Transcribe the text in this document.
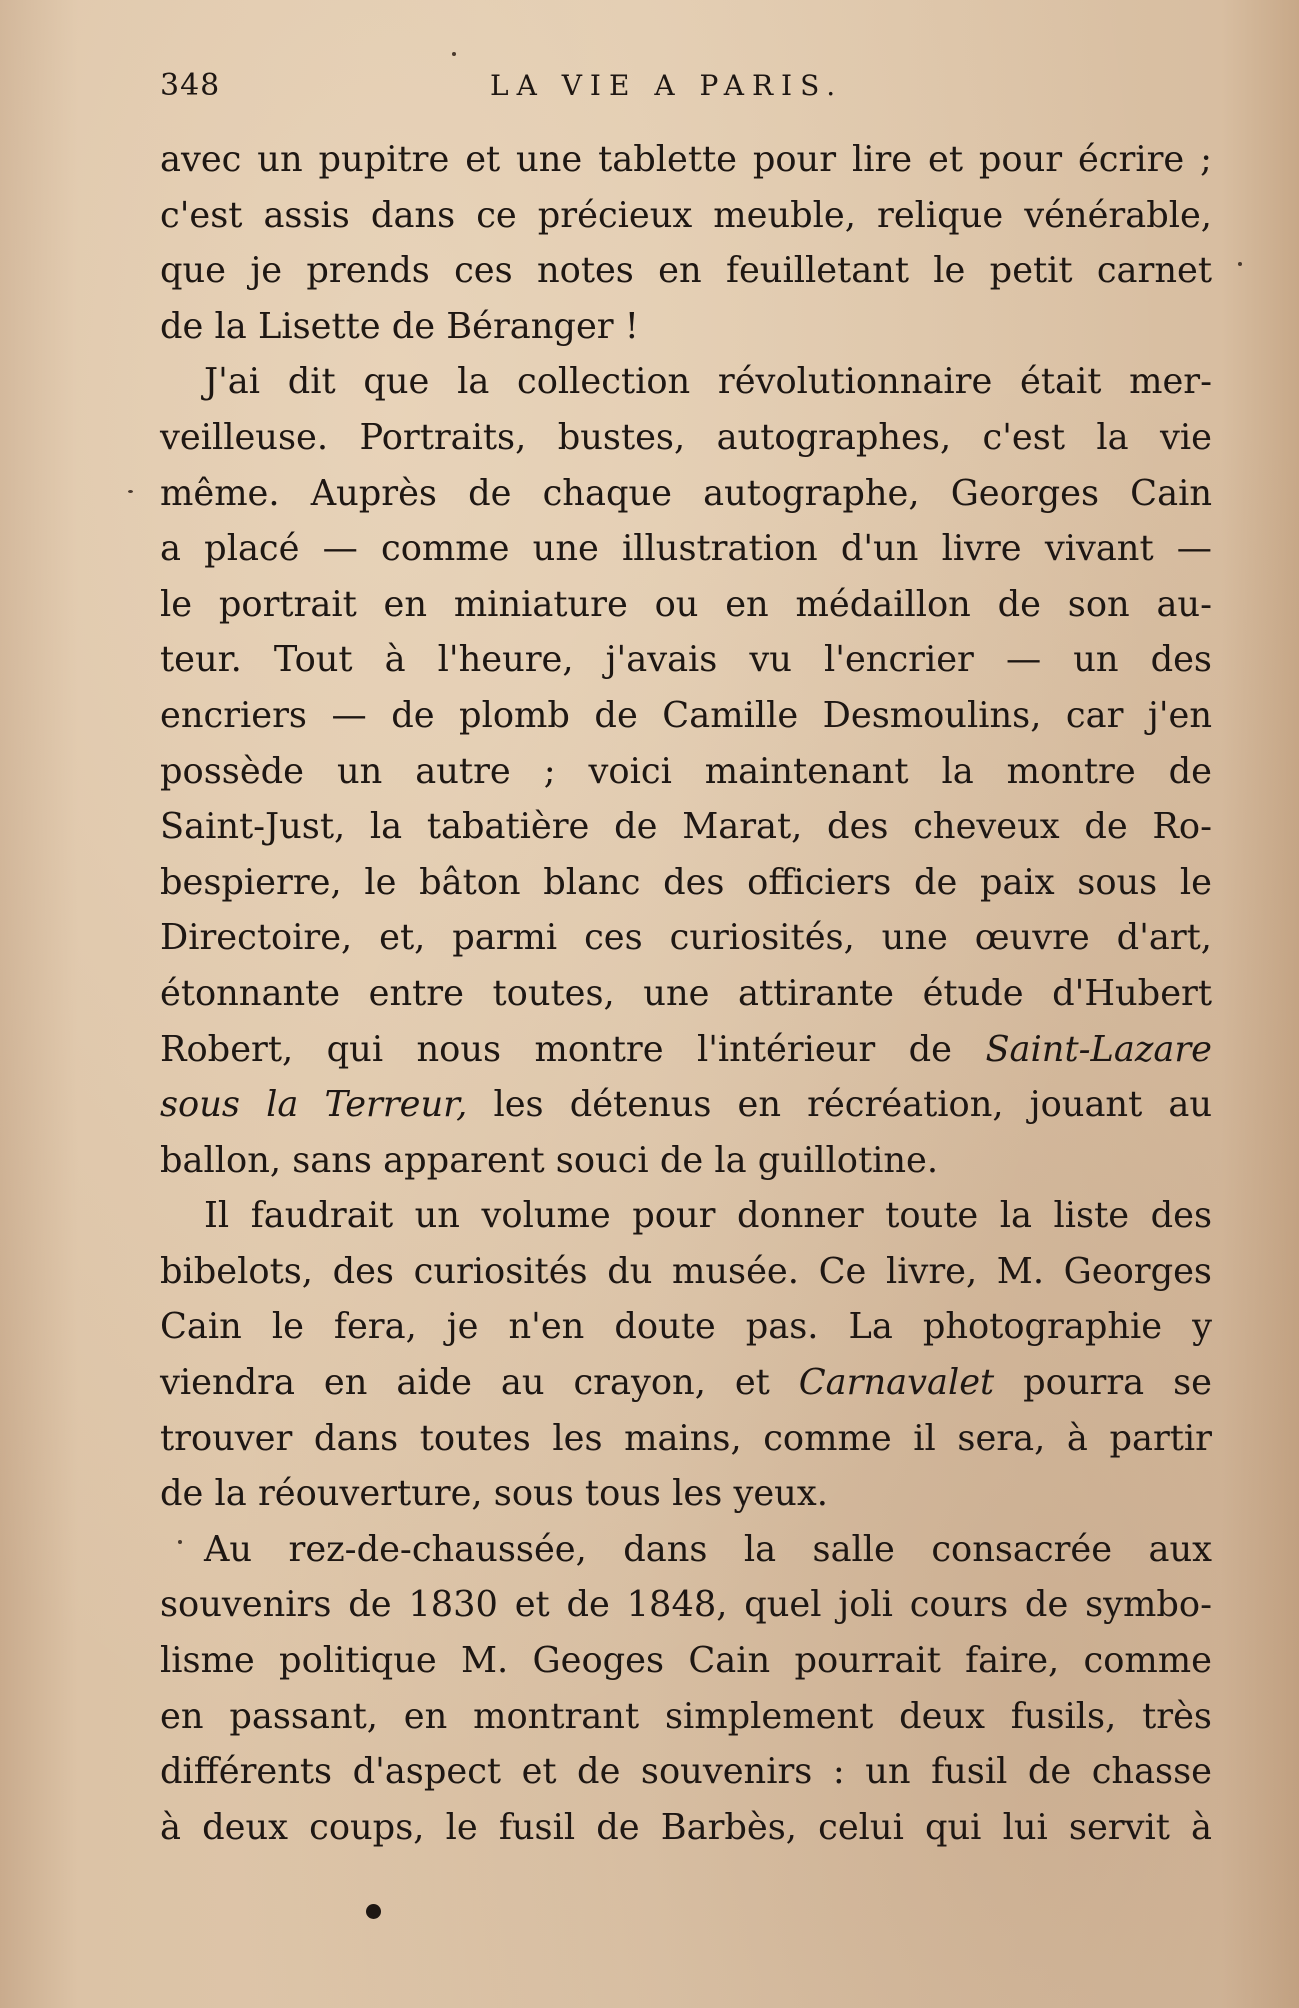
348	LA VIE A PARIS.
avec un pupitre et une tablette pour lire et pour écrire ;
c'est assis dans ce précieux meuble, relique vénérable,
que je prends ces notes en feuilletant le petit carnet
de la Lisette de Béranger !
J'ai dit que la collection révolutionnaire était mer-
veilleuse. Portraits, bustes, autographes, c'est la vie
même. Auprès de chaque autographe, Georges Cain
a placé — comme une illustration d'un livre vivant —
le portrait en miniature ou en médaillon de son au-
teur. Tout à l'heure, j'avais vu l'encrier — un des
encriers — de plomb de Camille Desmoulins, car j'en
possède un autre ; voici maintenant la montre de
Saint-Just, la tabatière de Marat, des cheveux de Ro-
bespierre, le bâton blanc des officiers de paix sous le
Directoire, et, parmi ces curiosités, une œuvre d'art,
étonnante entre toutes, une attirante étude d'Hubert
Robert, qui nous montre l'intérieur de Saint-Lazare
sous la Terreur, les détenus en récréation, jouant au
ballon, sans apparent souci de la guillotine.
Il faudrait un volume pour donner toute la liste des
bibelots, des curiosités du musée. Ce livre, M. Georges
Cain le fera, je n'en doute pas. La photographie y
viendra en aide au crayon, et Carnavalet pourra se
trouver dans toutes les mains, comme il sera, à partir
de la réouverture, sous tous les yeux.
Au rez-de-chaussée, dans la salle consacrée aux
souvenirs de 1830 et de 1848, quel joli cours de symbo-
lisme politique M. Geoges Cain pourrait faire, comme
en passant, en montrant simplement deux fusils, très
différents d'aspect et de souvenirs : un fusil de chasse
à deux coups, le fusil de Barbès, celui qui lui servit à
